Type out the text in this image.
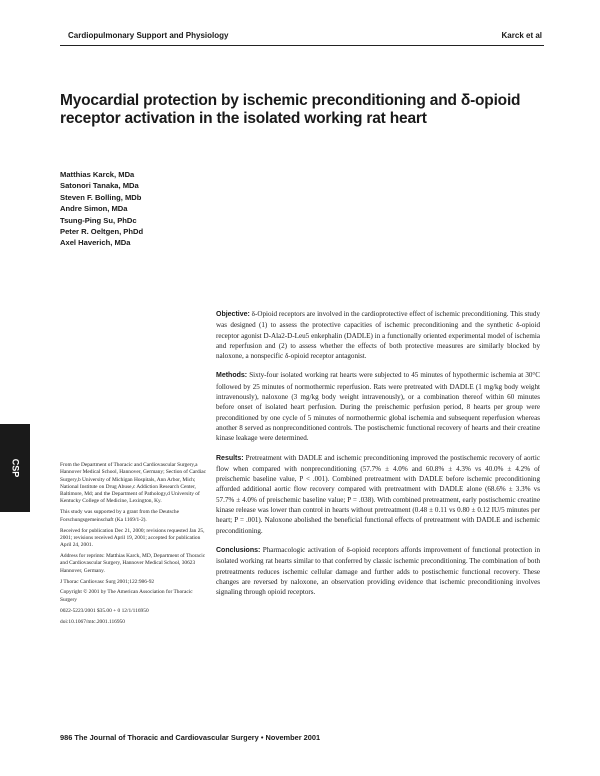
Cardiopulmonary Support and Physiology	Karck et al
Myocardial protection by ischemic preconditioning and δ-opioid receptor activation in the isolated working rat heart
Matthias Karck, MDa
Satonori Tanaka, MDa
Steven F. Bolling, MDb
Andre Simon, MDa
Tsung-Ping Su, PhDc
Peter R. Oeltgen, PhDd
Axel Haverich, MDa
CSP	From the Department of Thoracic and Cardiovascular Surgery,a Hannover Medical School, Hannover, Germany; Section of Cardiac Surgery,b University of Michigan Hospitals, Ann Arbor, Mich; National Institute on Drug Abuse,c Addiction Research Center, Baltimore, Md; and the Department of Pathology,d University of Kentucky College of Medicine, Lexington, Ky.

This study was supported by a grant from the Deutsche Forschungsgemeinschaft (Ka 1169/1-2).

Received for publication Dec 21, 2000; revisions requested Jan 25, 2001; revisions received April 19, 2001; accepted for publication April 24, 2001.

Address for reprints: Matthias Karck, MD, Department of Thoracic and Cardiovascular Surgery, Hannover Medical School, 30623 Hannover, Germany.

J Thorac Cardiovasc Surg 2001;122:986-92

Copyright © 2001 by The American Association for Thoracic Surgery

0022-5223/2001 $35.00 + 0 12/1/116950

doi:10.1067/mtc.2001.116950

Objective: δ-Opioid receptors are involved in the cardioprotective effect of ischemic preconditioning. This study was designed (1) to assess the protective capacities of ischemic preconditioning and the synthetic δ-opioid receptor agonist D-Ala2-D-Leu5 enkephalin (DADLE) in a functionally oriented experimental model of ischemia and reperfusion and (2) to assess whether the effects of both protective measures are similarly blocked by naloxone, a nonspecific δ-opioid receptor antagonist.

Methods: Sixty-four isolated working rat hearts were subjected to 45 minutes of hypothermic ischemia at 30°C followed by 25 minutes of normothermic reperfusion. Rats were pretreated with DADLE (1 mg/kg body weight intravenously), naloxone (3 mg/kg body weight intravenously), or a combination thereof within 60 minutes before onset of isolated heart perfusion. During the preischemic perfusion period, 8 hearts per group were preconditioned by one cycle of 5 minutes of normothermic global ischemia and subsequent reperfusion whereas another 8 served as nonpreconditioned controls. The postischemic functional recovery of hearts and their creatine kinase leakage were determined.

Results: Pretreatment with DADLE and ischemic preconditioning improved the postischemic recovery of aortic flow when compared with nonpreconditioning (57.7% ± 4.0% and 60.8% ± 4.3% vs 40.0% ± 4.2% of preischemic baseline value, P < .001). Combined pretreatment with DADLE before ischemic preconditioning afforded additional aortic flow recovery compared with pretreatment with DADLE alone (68.6% ± 3.3% vs 57.7% ± 4.0% of preischemic baseline value; P = .038). With combined pretreatment, early postischemic creatine kinase release was lower than control in hearts without pretreatment (0.48 ± 0.11 vs 0.80 ± 0.12 IU/5 minutes per heart; P = .001). Naloxone abolished the beneficial functional effects of pretreatment with DADLE and ischemic preconditioning.

Conclusions: Pharmacologic activation of δ-opioid receptors affords improvement of functional protection in isolated working rat hearts similar to that conferred by classic ischemic preconditioning. The combination of both pretreatments reduces ischemic cellular damage and further adds to postischemic functional recovery. These changes are reversed by naloxone, an observation providing evidence that ischemic preconditioning involves signaling through opioid receptors.

986 The Journal of Thoracic and Cardiovascular Surgery • November 2001
